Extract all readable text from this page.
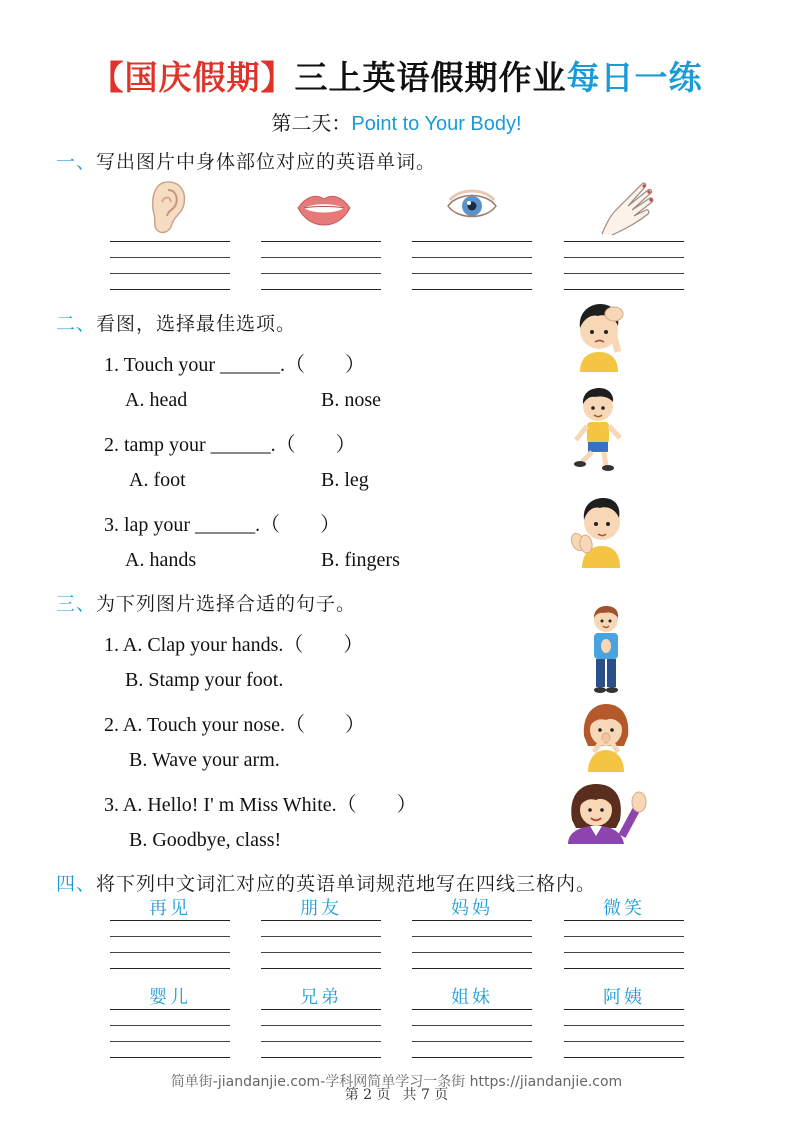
【国庆假期】三上英语假期作业每日一练
第二天：Point to Your Body!
一、写出图片中身体部位对应的英语单词。
二、看图，选择最佳选项。
1. Touch your ______.（　　）
A. head	B. nose
2. tamp your ______.（　　）
A. foot	B. leg
3. lap your ______.（　　）
A. hands	B. fingers
三、为下列图片选择合适的句子。
1. A. Clap your hands.（　　）
B. Stamp your foot.
2. A. Touch your nose.（　　）
B. Wave your arm.
3. A. Hello! I' m Miss White.（　　）
B. Goodbye, class!
四、将下列中文词汇对应的英语单词规范地写在四线三格内。
再见	朋友	妈妈	微笑
婴儿	兄弟	姐妹	阿姨
简单街-jiandanjie.com-学科网简单学习一条街 https://jiandanjie.com
第 2 页 共 7 页
